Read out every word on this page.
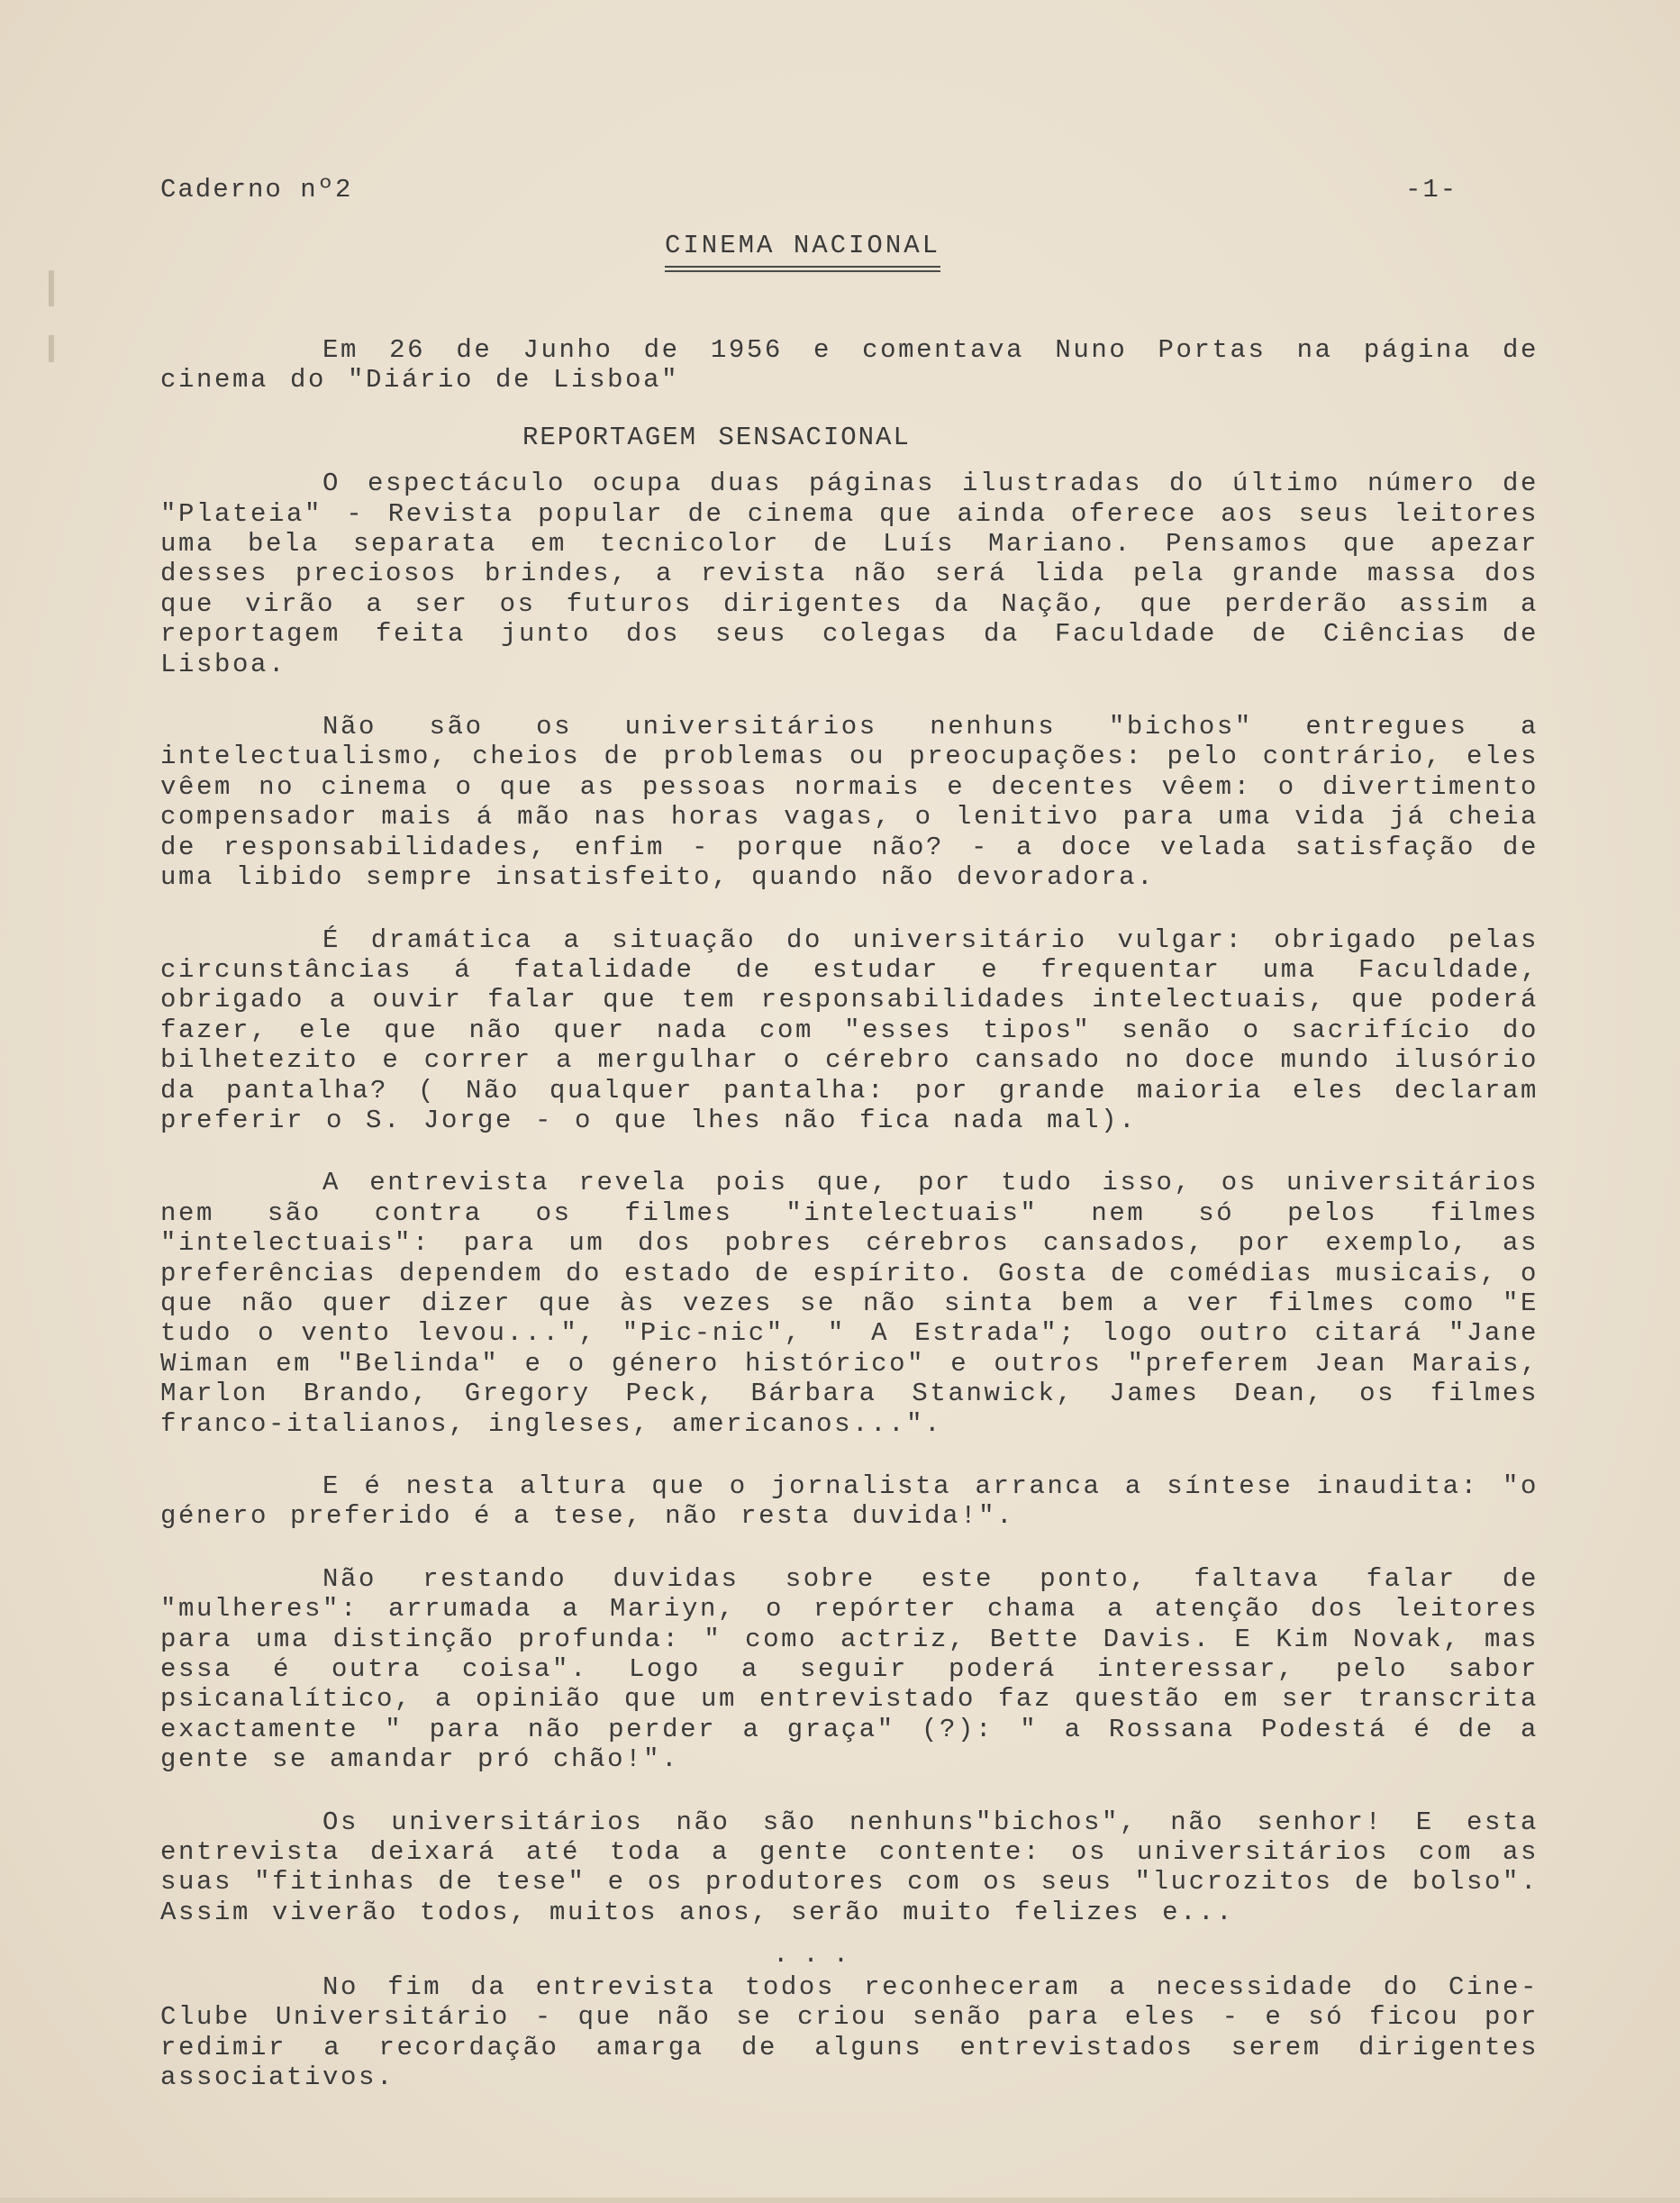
Caderno nº2	-1-
CINEMA NACIONAL

Em 26 de Junho de 1956 e comentava Nuno Portas na página de cinema do "Diário de Lisboa"

REPORTAGEM SENSACIONAL

O espectáculo ocupa duas páginas ilustradas do último número de "Plateia" - Revista popular de cinema que ainda oferece aos seus leitores uma bela separata em tecnicolor de Luís Mariano. Pensamos que apezar desses preciosos brindes, a revista não será lida pela grande massa dos que virão a ser os futuros dirigentes da Nação, que perderão assim a reportagem feita junto dos seus colegas da Faculdade de Ciências de Lisboa.

Não são os universitários nenhuns "bichos" entregues a intelectualismo, cheios de problemas ou preocupações: pelo contrário, eles vêem no cinema o que as pessoas normais e decentes vêem: o divertimento compensador mais á mão nas horas vagas, o lenitivo para uma vida já cheia de responsabilidades, enfim - porque não? - a doce velada satisfação de uma libido sempre insatisfeito, quando não devoradora.

É dramática a situação do universitário vulgar: obrigado pelas circunstâncias á fatalidade de estudar e frequentar uma Faculdade, obrigado a ouvir falar que tem responsabilidades intelectuais, que poderá fazer, ele que não quer nada com "esses tipos" senão o sacrifício do bilhetezito e correr a mergulhar o cérebro cansado no doce mundo ilusório da pantalha? ( Não qualquer pantalha: por grande maioria eles declaram preferir o S. Jorge - o que lhes não fica nada mal).

A entrevista revela pois que, por tudo isso, os universitários nem são contra os filmes "intelectuais" nem só pelos filmes "intelectuais": para um dos pobres cérebros cansados, por exemplo, as preferências dependem do estado de espírito. Gosta de comédias musicais, o que não quer dizer que às vezes se não sinta bem a ver filmes como "E tudo o vento levou...", "Pic-nic", " A Estrada"; logo outro citará "Jane Wiman em "Belinda" e o género histórico" e outros "preferem Jean Marais, Marlon Brando, Gregory Peck, Bárbara Stanwick, James Dean, os filmes franco-italianos, ingleses, americanos...".

E é nesta altura que o jornalista arranca a síntese inaudita: "o género preferido é a tese, não resta duvida!".

Não restando duvidas sobre este ponto, faltava falar de "mulheres": arrumada a Mariyn, o repórter chama a atenção dos leitores para uma distinção profunda: " como actriz, Bette Davis. E Kim Novak, mas essa é outra coisa". Logo a seguir poderá interessar, pelo sabor psicanalítico, a opinião que um entrevistado faz questão em ser transcrita exactamente " para não perder a graça" (?): " a Rossana Podestá é de a gente se amandar pró chão!".

Os universitários não são nenhuns"bichos", não senhor! E esta entrevista deixará até toda a gente contente: os universitários com as suas "fitinhas de tese" e os produtores com os seus "lucrozitos de bolso". Assim viverão todos, muitos anos, serão muito felizes e...

...

No fim da entrevista todos reconheceram a necessidade do Cine-Clube Universitário - que não se criou senão para eles - e só ficou por redimir a recordação amarga de alguns entrevistados serem dirigentes associativos.
